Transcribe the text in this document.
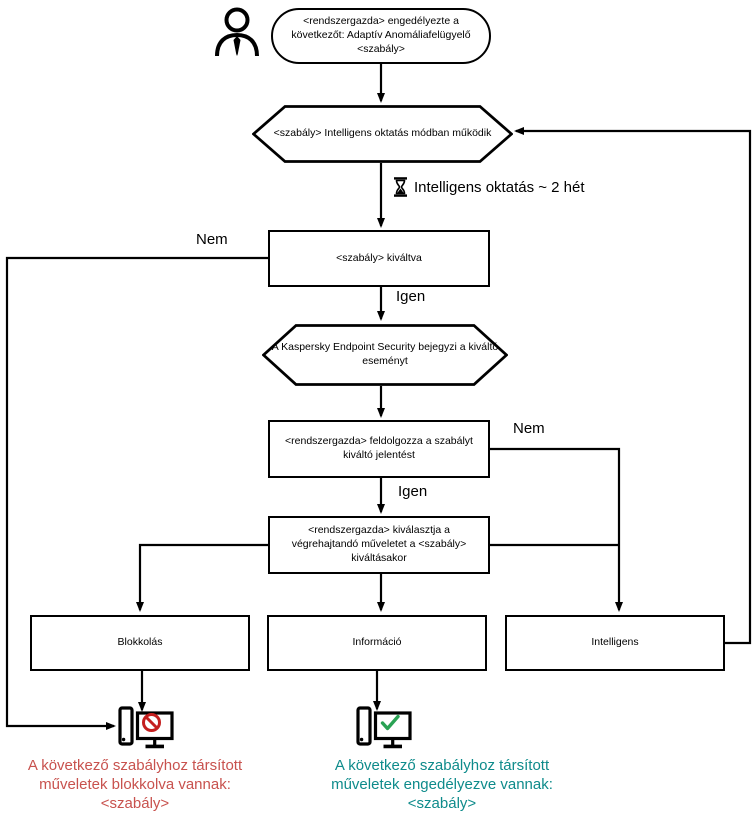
<rendszergazda> engedélyezte a következőt: Adaptív Anomáliafelügyelő <szabály>
<szabály> Intelligens oktatás módban működik
Intelligens oktatás ~ 2 hét
<szabály> kiváltva
A Kaspersky Endpoint Security bejegyzi a kiváltó eseményt
<rendszergazda> feldolgozza a szabályt kiváltó jelentést
<rendszergazda> kiválasztja a végrehajtandó műveletet a <szabály> kiváltásakor
Blokkolás	Információ	Intelligens
Nem
Igen
Nem
Igen
A következő szabályhoz társított műveletek blokkolva vannak: <szabály>
A következő szabályhoz társított műveletek engedélyezve vannak: <szabály>
